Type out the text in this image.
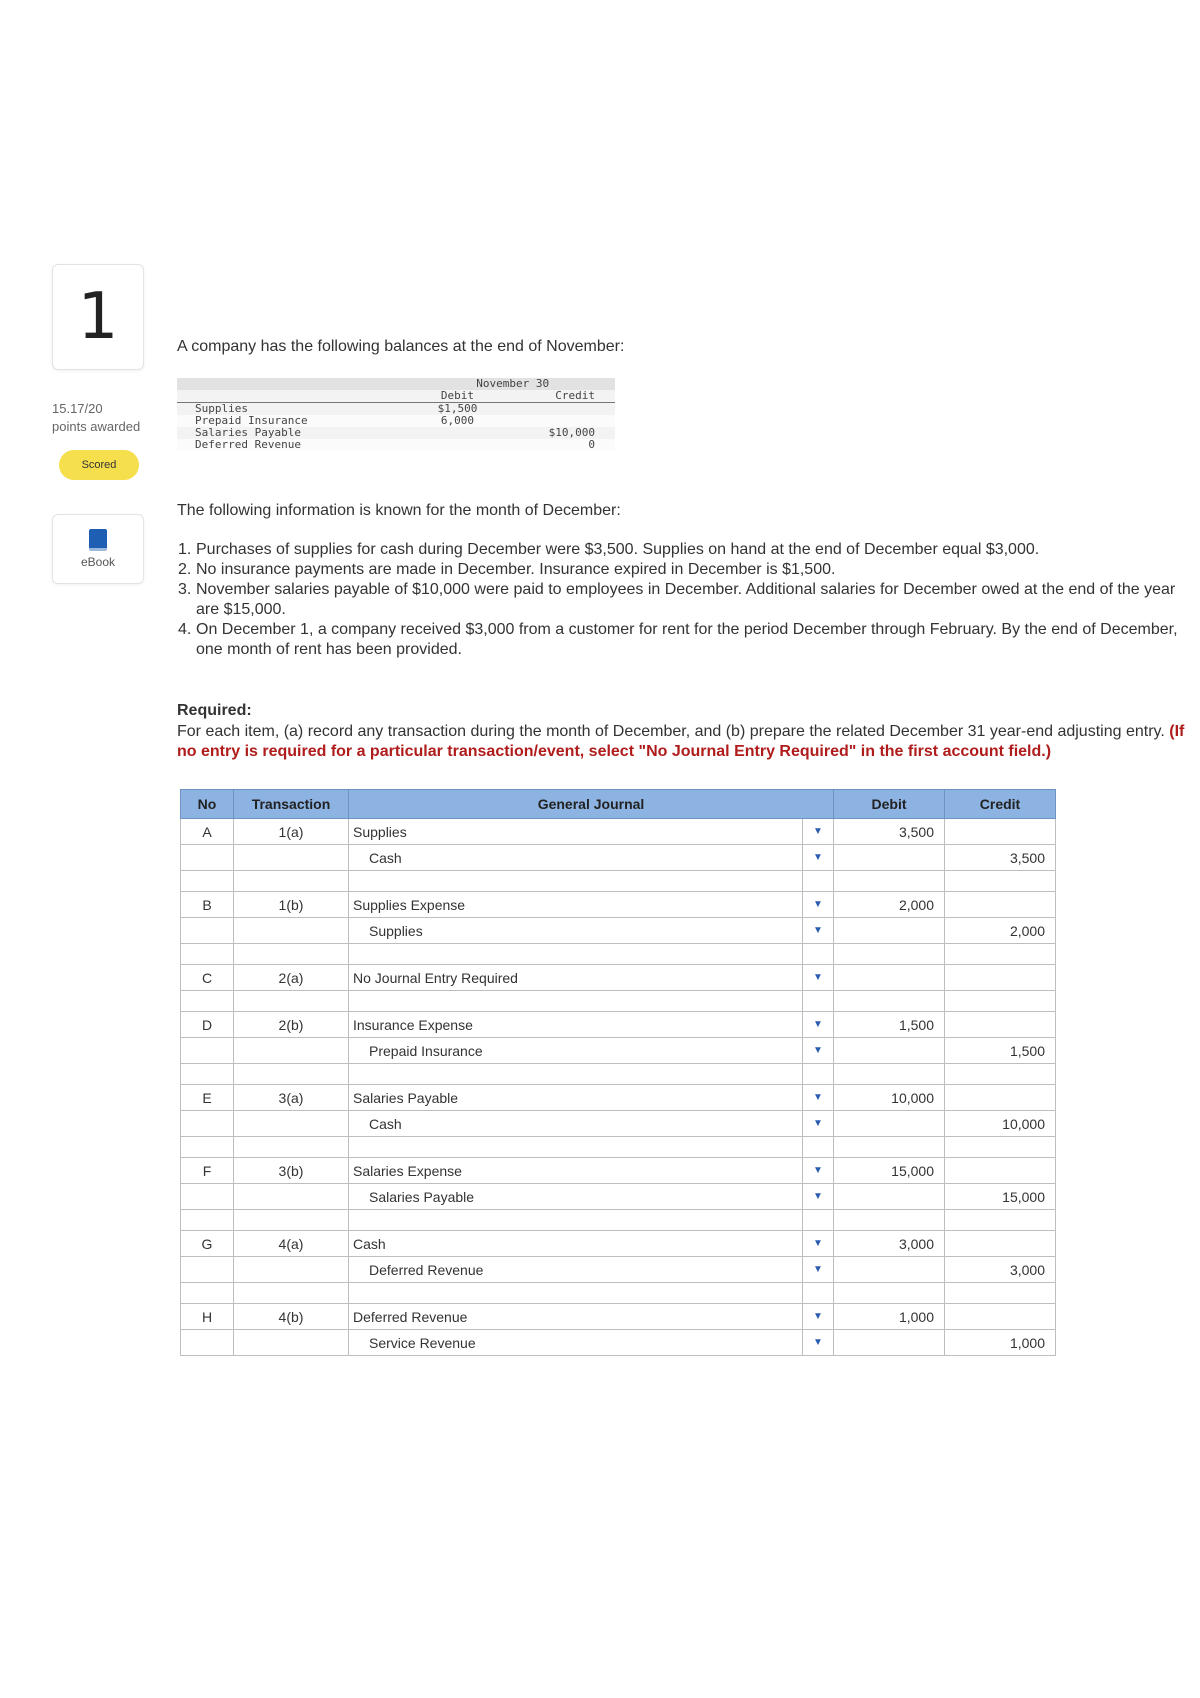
1
15.17/20
points awarded
Scored
eBook
A company has the following balances at the end of November:
	November 30	
	Debit	Credit
Supplies	$1,500	
Prepaid Insurance	6,000	
Salaries Payable		$10,000
Deferred Revenue		0
The following information is known for the month of December:
1. Purchases of supplies for cash during December were $3,500. Supplies on hand at the end of December equal $3,000.
2. No insurance payments are made in December. Insurance expired in December is $1,500.
3. November salaries payable of $10,000 were paid to employees in December. Additional salaries for December owed at the end of the year are $15,000.
4. On December 1, a company received $3,000 from a customer for rent for the period December through February. By the end of December, one month of rent has been provided.
Required:
For each item, (a) record any transaction during the month of December, and (b) prepare the related December 31 year-end adjusting entry. (If no entry is required for a particular transaction/event, select "No Journal Entry Required" in the first account field.)
No	Transaction	General Journal		Debit	Credit
A	1(a)	Supplies	▼	3,500	
		Cash	▼		3,500

B	1(b)	Supplies Expense	▼	2,000	
		Supplies	▼		2,000

C	2(a)	No Journal Entry Required	▼		

D	2(b)	Insurance Expense	▼	1,500	
		Prepaid Insurance	▼		1,500

E	3(a)	Salaries Payable	▼	10,000	
		Cash	▼		10,000

F	3(b)	Salaries Expense	▼	15,000	
		Salaries Payable	▼		15,000

G	4(a)	Cash	▼	3,000	
		Deferred Revenue	▼		3,000

H	4(b)	Deferred Revenue	▼	1,000	
		Service Revenue	▼		1,000
